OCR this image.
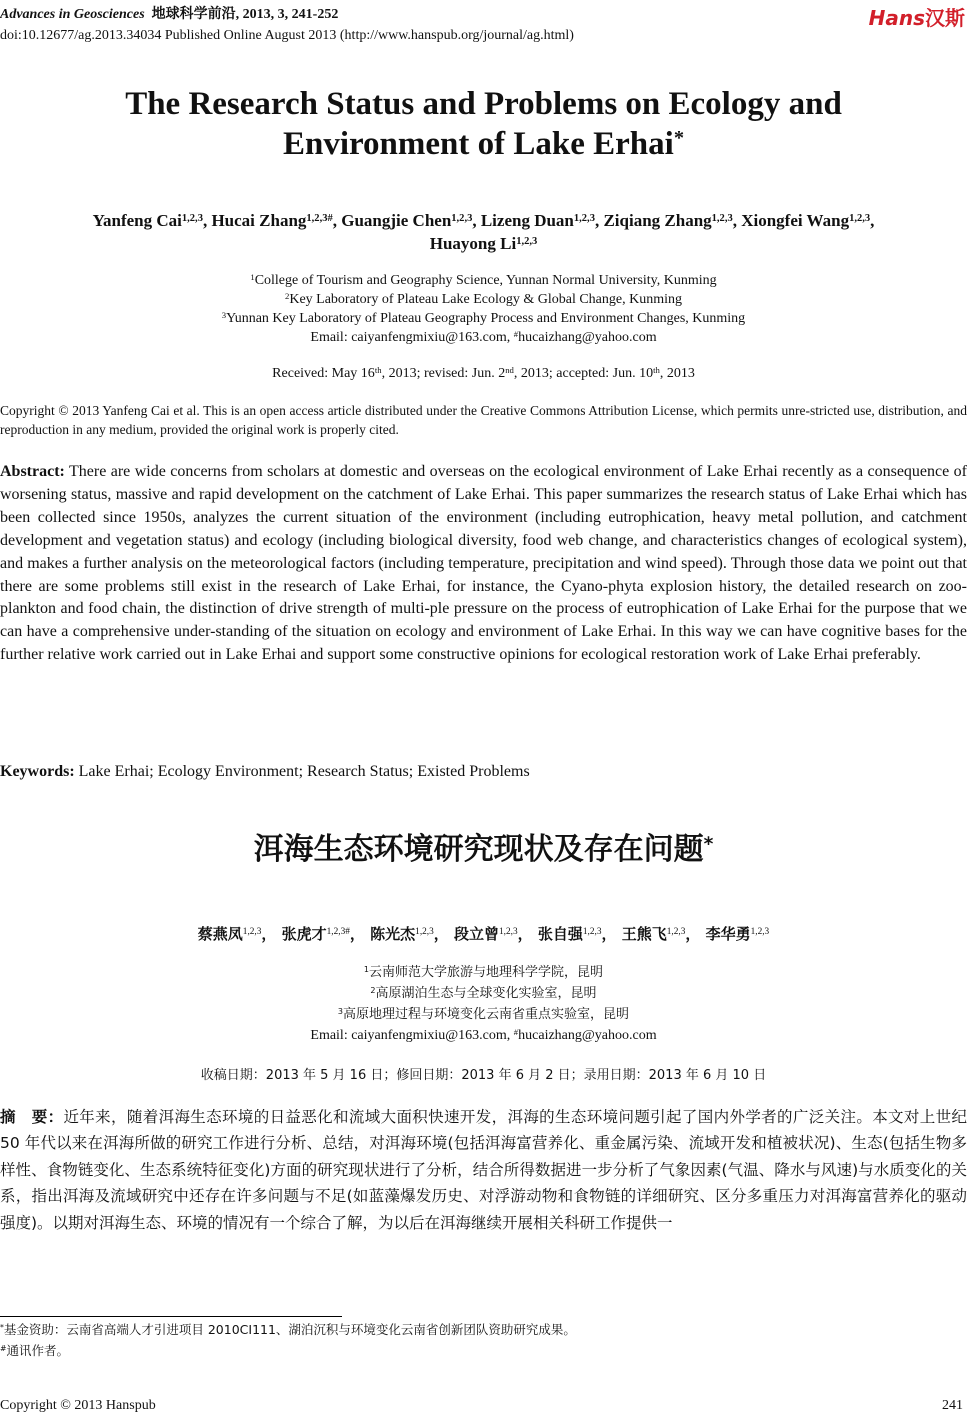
Advances in Geosciences 地球科学前沿, 2013, 3, 241-252
doi:10.12677/ag.2013.34034 Published Online August 2013 (http://www.hanspub.org/journal/ag.html)
Hans汉斯
The Research Status and Problems on Ecology and
Environment of Lake Erhai*
Yanfeng Cai$^{1,2,3}$, Hucai Zhang$^{1,2,3\#}$, Guangjie Chen$^{1,2,3}$, Lizeng Duan$^{1,2,3}$, Ziqiang Zhang$^{1,2,3}$, Xiongfei Wang$^{1,2,3}$,
Huayong Li$^{1,2,3}$
$^1$College of Tourism and Geography Science, Yunnan Normal University, Kunming
$^2$Key Laboratory of Plateau Lake Ecology & Global Change, Kunming
$^3$Yunnan Key Laboratory of Plateau Geography Process and Environment Changes, Kunming
Email: caiyanfengmixiu@163.com, #hucaizhang@yahoo.com
Received: May 16th, 2013; revised: Jun. 2nd, 2013; accepted: Jun. 10th, 2013
Copyright © 2013 Yanfeng Cai et al. This is an open access article distributed under the Creative Commons Attribution License, which permits unre-stricted use, distribution, and reproduction in any medium, provided the original work is properly cited.
Abstract: There are wide concerns from scholars at domestic and overseas on the ecological environment of Lake Erhai recently as a consequence of worsening status, massive and rapid development on the catchment of Lake Erhai. This paper summarizes the research status of Lake Erhai which has been collected since 1950s, analyzes the current situation of the environment (including eutrophication, heavy metal pollution, and catchment development and vegetation status) and ecology (including biological diversity, food web change, and characteristics changes of ecological system), and makes a further analysis on the meteorological factors (including temperature, precipitation and wind speed). Through those data we point out that there are some problems still exist in the research of Lake Erhai, for instance, the Cyano-phyta explosion history, the detailed research on zoo-plankton and food chain, the distinction of drive strength of multi-ple pressure on the process of eutrophication of Lake Erhai for the purpose that we can have a comprehensive under-standing of the situation on ecology and environment of Lake Erhai. In this way we can have cognitive bases for the further relative work carried out in Lake Erhai and support some constructive opinions for ecological restoration work of Lake Erhai preferably.
Keywords: Lake Erhai; Ecology Environment; Research Status; Existed Problems
洱海生态环境研究现状及存在问题*
蔡燕凤$^{1,2,3}$， 张虎才$^{1,2,3\#}$， 陈光杰$^{1,2,3}$， 段立曾$^{1,2,3}$， 张自强$^{1,2,3}$， 王熊飞$^{1,2,3}$， 李华勇$^{1,2,3}$
$^1$云南师范大学旅游与地理科学学院，昆明
$^2$高原湖泊生态与全球变化实验室，昆明
$^3$高原地理过程与环境变化云南省重点实验室，昆明
Email: caiyanfengmixiu@163.com, #hucaizhang@yahoo.com
收稿日期：2013 年 5 月 16 日；修回日期：2013 年 6 月 2 日；录用日期：2013 年 6 月 10 日
摘　要：近年来，随着洱海生态环境的日益恶化和流域大面积快速开发，洱海的生态环境问题引起了国内外学者的广泛关注。本文对上世纪 50 年代以来在洱海所做的研究工作进行分析、总结，对洱海环境(包括洱海富营养化、重金属污染、流域开发和植被状况)、生态(包括生物多样性、食物链变化、生态系统特征变化)方面的研究现状进行了分析，结合所得数据进一步分析了气象因素(气温、降水与风速)与水质变化的关系，指出洱海及流域研究中还存在许多问题与不足(如蓝藻爆发历史、对浮游动物和食物链的详细研究、区分多重压力对洱海富营养化的驱动强度)。以期对洱海生态、环境的情况有一个综合了解，为以后在洱海继续开展相关科研工作提供一
*基金资助：云南省高端人才引进项目 2010CI111、湖泊沉积与环境变化云南省创新团队资助研究成果。
#通讯作者。
Copyright © 2013 Hanspub	241
